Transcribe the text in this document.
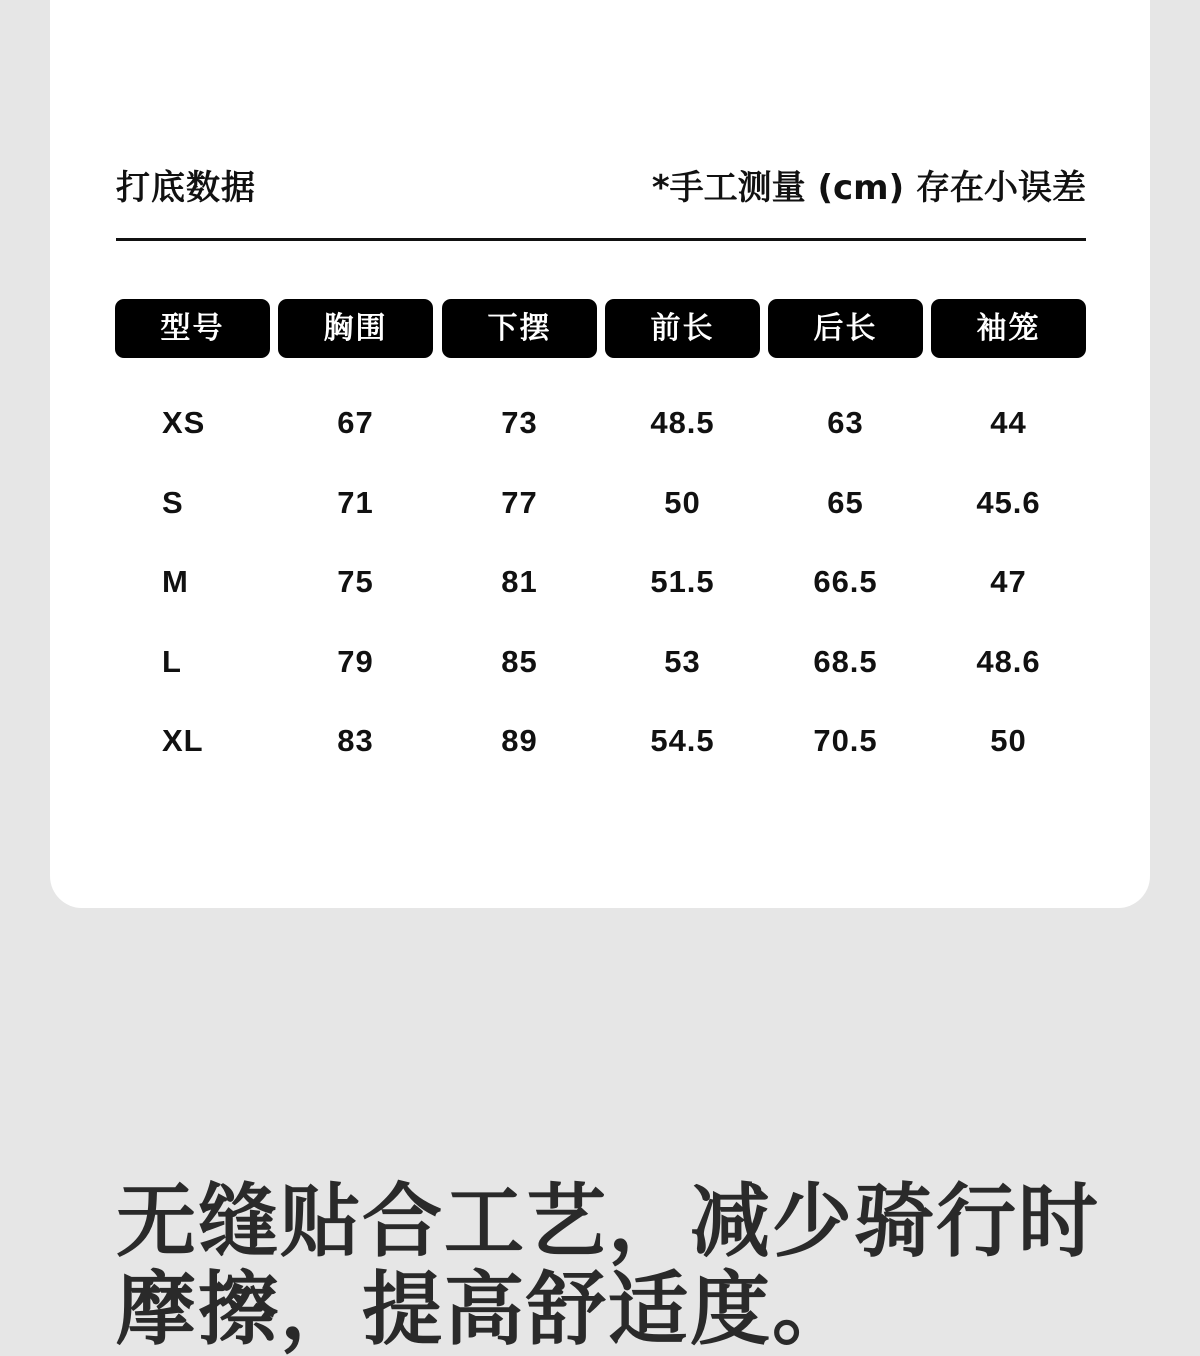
打底数据	*手工测量 (cm) 存在小误差
型号	胸围	下摆	前长	后长	袖笼
XS	67	73	48.5	63	44
S	71	77	50	65	45.6
M	75	81	51.5	66.5	47
L	79	85	53	68.5	48.6
XL	83	89	54.5	70.5	50
无缝贴合工艺，减少骑行时
摩擦，提高舒适度。
